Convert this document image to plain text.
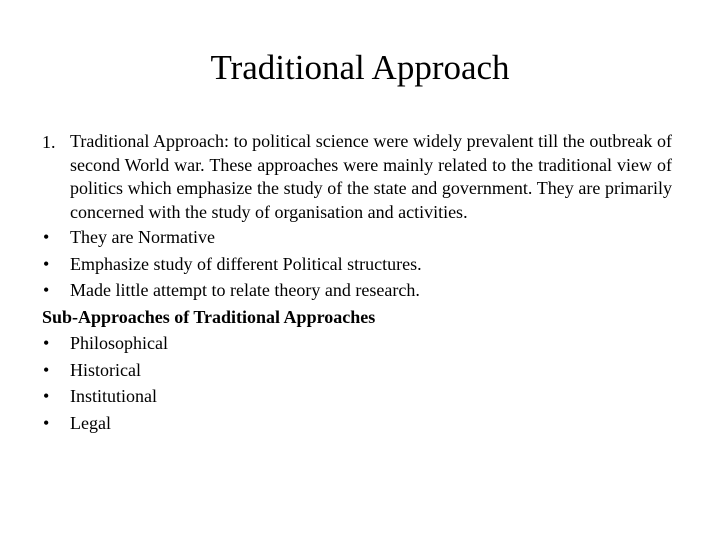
Traditional Approach
1. Traditional Approach: to political science were widely prevalent till the outbreak of second World war. These approaches were mainly related to the traditional view of politics which emphasize the study of the state and government. They are primarily concerned with the study of organisation and activities.
•	They are Normative
•	Emphasize study of different Political structures.
•	Made little attempt to relate theory and research.
Sub-Approaches of Traditional Approaches
•	Philosophical
•	Historical
•	Institutional
•	Legal
